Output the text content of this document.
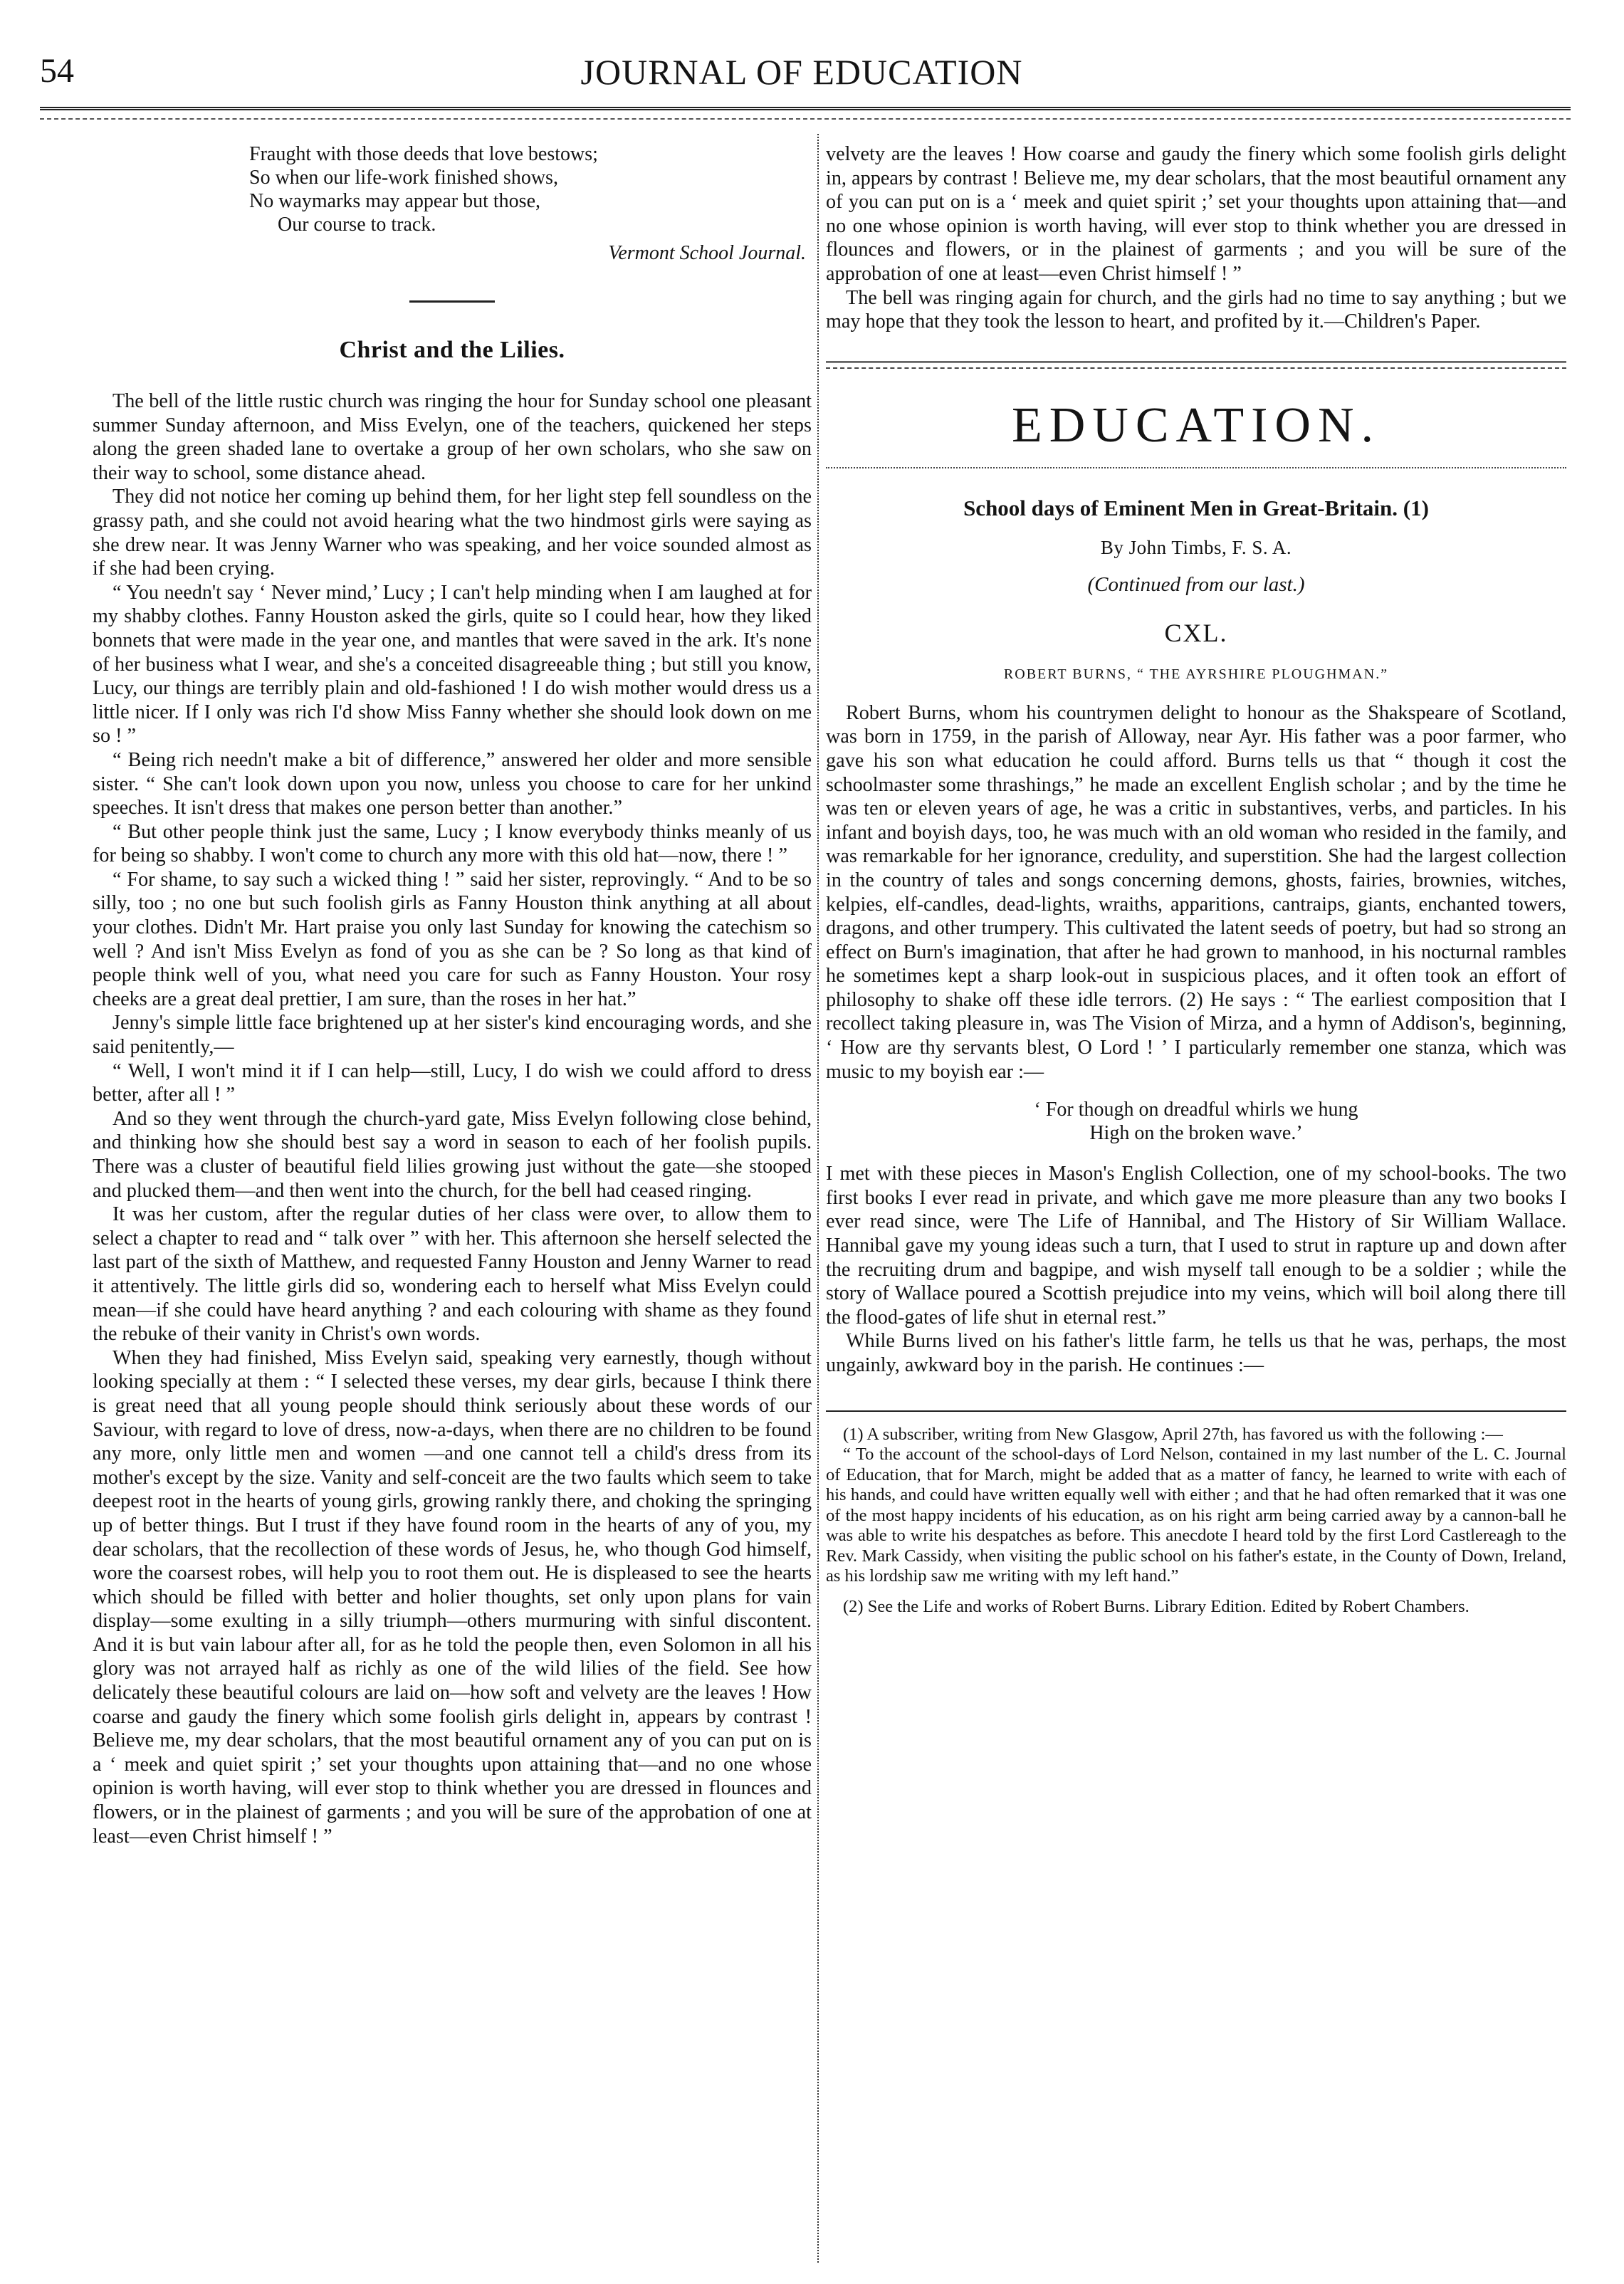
54	JOURNAL OF EDUCATION
Fraught with those deeds that love bestows;
So when our life-work finished shows,
No waymarks may appear but those,
Our course to track.
Vermont School Journal.
Christ and the Lilies.

The bell of the little rustic church was ringing the hour for Sunday school one pleasant summer Sunday afternoon, and Miss Evelyn, one of the teachers, quickened her steps along the green shaded lane to overtake a group of her own scholars, who she saw on their way to school, some distance ahead.

They did not notice her coming up behind them, for her light step fell soundless on the grassy path, and she could not avoid hearing what the two hindmost girls were saying as she drew near. It was Jenny Warner who was speaking, and her voice sounded almost as if she had been crying.

“ You needn't say ‘ Never mind,’ Lucy ; I can't help minding when I am laughed at for my shabby clothes. Fanny Houston asked the girls, quite so I could hear, how they liked bonnets that were made in the year one, and mantles that were saved in the ark. It's none of her business what I wear, and she's a conceited disagreeable thing ; but still you know, Lucy, our things are terribly plain and old-fashioned ! I do wish mother would dress us a little nicer. If I only was rich I'd show Miss Fanny whether she should look down on me so ! ”

“ Being rich needn't make a bit of difference,” answered her older and more sensible sister. “ She can't look down upon you now, unless you choose to care for her unkind speeches. It isn't dress that makes one person better than another.”

“ But other people think just the same, Lucy ; I know everybody thinks meanly of us for being so shabby. I won't come to church any more with this old hat—now, there ! ”

“ For shame, to say such a wicked thing ! ” said her sister, reprovingly. “ And to be so silly, too ; no one but such foolish girls as Fanny Houston think anything at all about your clothes. Didn't Mr. Hart praise you only last Sunday for knowing the catechism so well ? And isn't Miss Evelyn as fond of you as she can be ? So long as that kind of people think well of you, what need you care for such as Fanny Houston. Your rosy cheeks are a great deal prettier, I am sure, than the roses in her hat.”

Jenny's simple little face brightened up at her sister's kind encouraging words, and she said penitently,—

“ Well, I won't mind it if I can help—still, Lucy, I do wish we could afford to dress better, after all ! ”

And so they went through the church-yard gate, Miss Evelyn following close behind, and thinking how she should best say a word in season to each of her foolish pupils. There was a cluster of beautiful field lilies growing just without the gate—she stooped and plucked them—and then went into the church, for the bell had ceased ringing.

It was her custom, after the regular duties of her class were over, to allow them to select a chapter to read and “ talk over ” with her. This afternoon she herself selected the last part of the sixth of Matthew, and requested Fanny Houston and Jenny Warner to read it attentively. The little girls did so, wondering each to herself what Miss Evelyn could mean—if she could have heard anything ? and each colouring with shame as they found the rebuke of their vanity in Christ's own words.

When they had finished, Miss Evelyn said, speaking very earnestly, though without looking specially at them : “ I selected these verses, my dear girls, because I think there is great need that all young people should think seriously about these words of our Saviour, with regard to love of dress, now-a-days, when there are no children to be found any more, only little men and women —and one cannot tell a child's dress from its mother's except by the size. Vanity and self-conceit are the two faults which seem to take deepest root in the hearts of young girls, growing rankly there, and choking the springing up of better things. But I trust if they have found room in the hearts of any of you, my dear scholars, that the recollection of these words of Jesus, he, who though God himself, wore the coarsest robes, will help you to root them out. He is displeased to see the hearts which should be filled with better and holier thoughts, set only upon plans for vain display—some exulting in a silly triumph—others murmuring with sinful discontent. And it is but vain labour after all, for as he told the people then, even Solomon in all his glory was not arrayed half as richly as one of the wild lilies of the field. See how delicately these beautiful colours are laid on—how soft and velvety are the leaves ! How coarse and gaudy the finery which some foolish girls delight in, appears by contrast ! Believe me, my dear scholars, that the most beautiful ornament any of you can put on is a ‘ meek and quiet spirit ;’ set your thoughts upon attaining that—and no one whose opinion is worth having, will ever stop to think whether you are dressed in flounces and flowers, or in the plainest of garments ; and you will be sure of the approbation of one at least—even Christ himself ! ”

velvety are the leaves ! How coarse and gaudy the finery which some foolish girls delight in, appears by contrast ! Believe me, my dear scholars, that the most beautiful ornament any of you can put on is a ‘ meek and quiet spirit ;’ set your thoughts upon attaining that—and no one whose opinion is worth having, will ever stop to think whether you are dressed in flounces and flowers, or in the plainest of garments ; and you will be sure of the approbation of one at least—even Christ himself ! ”

The bell was ringing again for church, and the girls had no time to say anything ; but we may hope that they took the lesson to heart, and profited by it.—Children's Paper.

EDUCATION.
School days of Eminent Men in Great-Britain. (1)
By John Timbs, F. S. A.
(Continued from our last.)
CXL.
ROBERT BURNS, “ THE AYRSHIRE PLOUGHMAN.”

Robert Burns, whom his countrymen delight to honour as the Shakspeare of Scotland, was born in 1759, in the parish of Alloway, near Ayr. His father was a poor farmer, who gave his son what education he could afford. Burns tells us that “ though it cost the schoolmaster some thrashings,” he made an excellent English scholar ; and by the time he was ten or eleven years of age, he was a critic in substantives, verbs, and particles. In his infant and boyish days, too, he was much with an old woman who resided in the family, and was remarkable for her ignorance, credulity, and superstition. She had the largest collection in the country of tales and songs concerning demons, ghosts, fairies, brownies, witches, kelpies, elf-candles, dead-lights, wraiths, apparitions, cantraips, giants, enchanted towers, dragons, and other trumpery. This cultivated the latent seeds of poetry, but had so strong an effect on Burn's imagination, that after he had grown to manhood, in his nocturnal rambles he sometimes kept a sharp look-out in suspicious places, and it often took an effort of philosophy to shake off these idle terrors. (2) He says : “ The earliest composition that I recollect taking pleasure in, was The Vision of Mirza, and a hymn of Addison's, beginning, ‘ How are thy servants blest, O Lord ! ’ I particularly remember one stanza, which was music to my boyish ear :—

‘ For though on dreadful whirls we hung
High on the broken wave.’

I met with these pieces in Mason's English Collection, one of my school-books. The two first books I ever read in private, and which gave me more pleasure than any two books I ever read since, were The Life of Hannibal, and The History of Sir William Wallace. Hannibal gave my young ideas such a turn, that I used to strut in rapture up and down after the recruiting drum and bagpipe, and wish myself tall enough to be a soldier ; while the story of Wallace poured a Scottish prejudice into my veins, which will boil along there till the flood-gates of life shut in eternal rest.”

While Burns lived on his father's little farm, he tells us that he was, perhaps, the most ungainly, awkward boy in the parish. He continues :—

(1) A subscriber, writing from New Glasgow, April 27th, has favored us with the following :—

“ To the account of the school-days of Lord Nelson, contained in my last number of the L. C. Journal of Education, that for March, might be added that as a matter of fancy, he learned to write with each of his hands, and could have written equally well with either ; and that he had often remarked that it was one of the most happy incidents of his education, as on his right arm being carried away by a cannon-ball he was able to write his despatches as before. This anecdote I heard told by the first Lord Castlereagh to the Rev. Mark Cassidy, when visiting the public school on his father's estate, in the County of Down, Ireland, as his lordship saw me writing with my left hand.”

(2) See the Life and works of Robert Burns. Library Edition. Edited by Robert Chambers.
